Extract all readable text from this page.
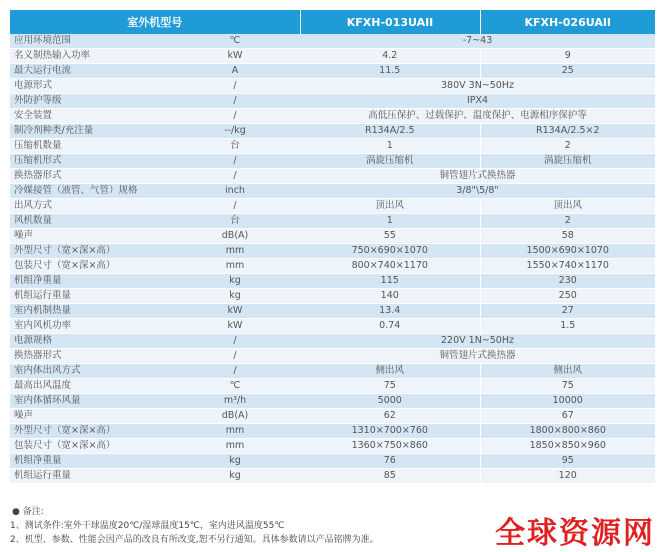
室外机型号		KFXH-013UAII	KFXH-026UAII
应用环境范围	℃	-7~43	
名义制热输入功率	kW	4.2	9
最大运行电流	A	11.5	25
电源形式	/	380V 3N~50Hz	
外防护等级	/	IPX4	
安全装置	/	高低压保护、过载保护、温度保护、电源相序保护等	
制冷剂种类/充注量	--/kg	R134A/2.5	R134A/2.5×2
压缩机数量	台	1	2
压缩机形式	/	涡旋压缩机	涡旋压缩机
换热器形式	/	铜管翅片式换热器	
冷媒接管（液管、气管）规格	inch	3/8"\5/8"	
出风方式	/	顶出风	顶出风
风机数量	台	1	2
噪声	dB(A)	55	58
外型尺寸（宽×深×高）	mm	750×690×1070	1500×690×1070
包装尺寸（宽×深×高）	mm	800×740×1170	1550×740×1170
机组净重量	kg	115	230
机组运行重量	kg	140	250
室内机制热量	kW	13.4	27
室内风机功率	kW	0.74	1.5
电源规格	/	220V 1N~50Hz	
换热器形式	/	铜管翅片式换热器	
室内体出风方式	/	侧出风	侧出风
最高出风温度	℃	75	75
室内体循环风量	m³/h	5000	10000
噪声	dB(A)	62	67
外型尺寸（宽×深×高）	mm	1310×700×760	1800×800×860
包装尺寸（宽×深×高）	mm	1360×750×860	1850×850×960
机组净重量	kg	76	95
机组运行重量	kg	85	120
● 备注:
1、测试条件:室外干球温度20℃/湿球温度15℃，室内进风温度55℃
2、机型、参数、性能会因产品的改良有所改变,恕不另行通知。具体参数请以产品铭牌为准。	全球资源网
